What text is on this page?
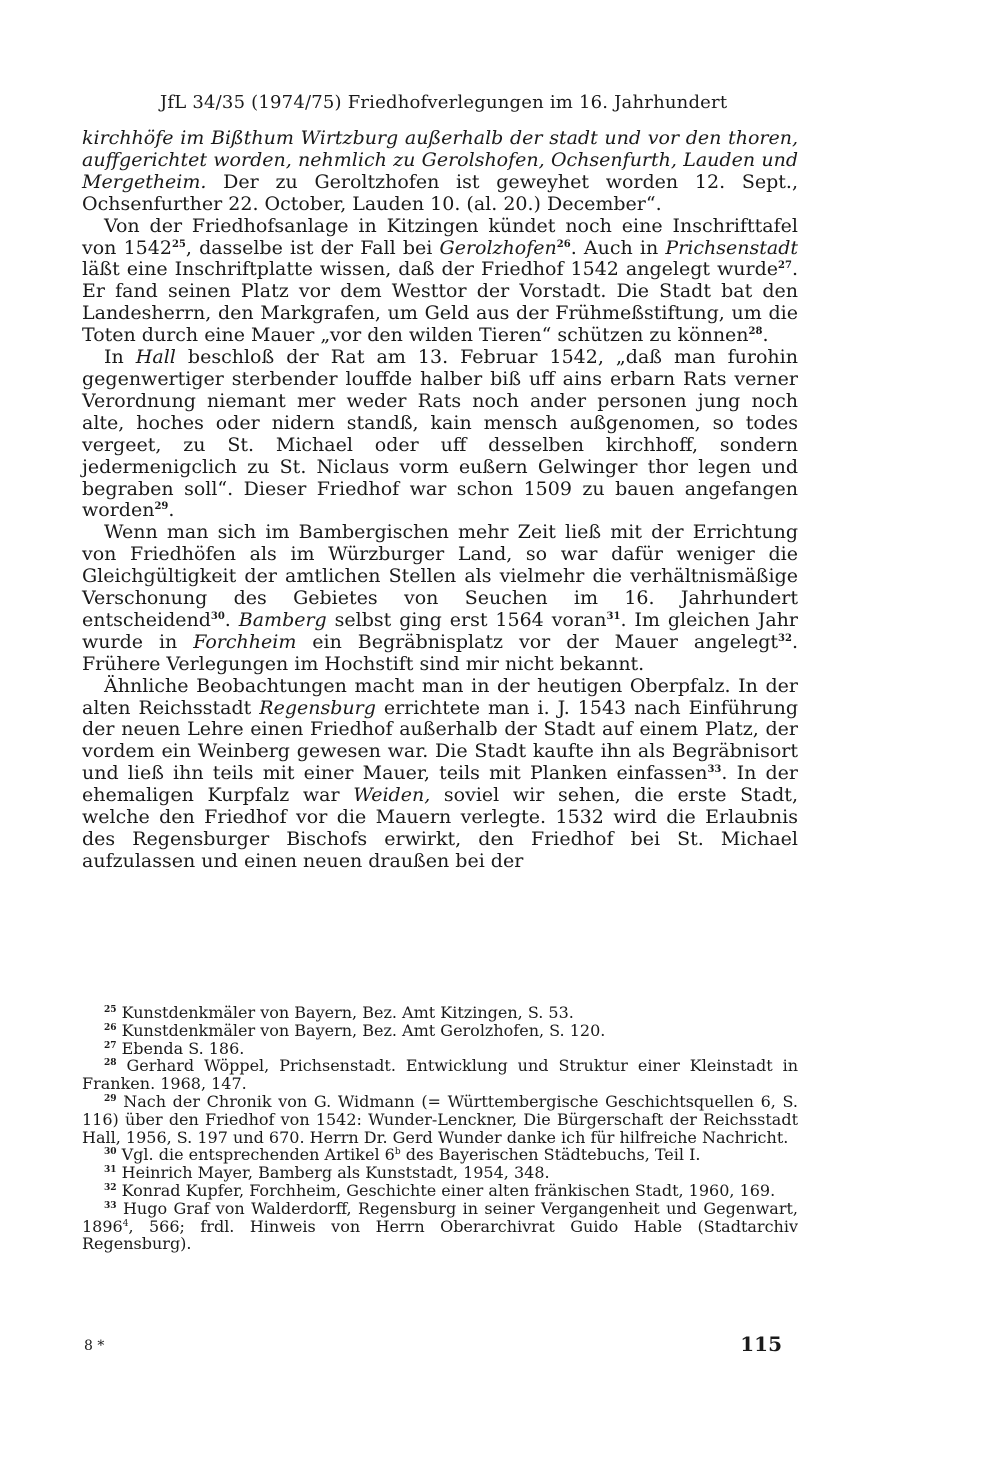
JfL 34/35 (1974/75) Friedhofverlegungen im 16. Jahrhundert

kirchhöfe im Bißthum Wirtzburg außerhalb der stadt und vor den thoren, auffgerichtet worden, nehmlich zu Gerolshofen, Ochsenfurth, Lauden und Mergetheim. Der zu Geroltzhofen ist geweyhet worden 12. Sept., Ochsenfurther 22. October, Lauden 10. (al. 20.) December“.

Von der Friedhofsanlage in Kitzingen kündet noch eine Inschrifttafel von 1542$^{25}$, dasselbe ist der Fall bei Gerolzhofen$^{26}$. Auch in Prichsenstadt läßt eine Inschriftplatte wissen, daß der Friedhof 1542 angelegt wurde$^{27}$. Er fand seinen Platz vor dem Westtor der Vorstadt. Die Stadt bat den Landesherrn, den Markgrafen, um Geld aus der Frühmeßstiftung, um die Toten durch eine Mauer „vor den wilden Tieren“ schützen zu können$^{28}$.

In Hall beschloß der Rat am 13. Februar 1542, „daß man furohin gegenwertiger sterbender louffde halber biß uff ains erbarn Rats verner Verordnung niemant mer weder Rats noch ander personen jung noch alte, hoches oder nidern standß, kain mensch außgenomen, so todes vergeet, zu St. Michael oder uff desselben kirchhoff, sondern jedermenigclich zu St. Niclaus vorm eußern Gelwinger thor legen und begraben soll“. Dieser Friedhof war schon 1509 zu bauen angefangen worden$^{29}$.

Wenn man sich im Bambergischen mehr Zeit ließ mit der Errichtung von Friedhöfen als im Würzburger Land, so war dafür weniger die Gleichgültigkeit der amtlichen Stellen als vielmehr die verhältnismäßige Verschonung des Gebietes von Seuchen im 16. Jahrhundert entscheidend$^{30}$. Bamberg selbst ging erst 1564 voran$^{31}$. Im gleichen Jahr wurde in Forchheim ein Begräbnisplatz vor der Mauer angelegt$^{32}$. Frühere Verlegungen im Hochstift sind mir nicht bekannt.

Ähnliche Beobachtungen macht man in der heutigen Oberpfalz. In der alten Reichsstadt Regensburg errichtete man i. J. 1543 nach Einführung der neuen Lehre einen Friedhof außerhalb der Stadt auf einem Platz, der vordem ein Weinberg gewesen war. Die Stadt kaufte ihn als Begräbnisort und ließ ihn teils mit einer Mauer, teils mit Planken einfassen$^{33}$. In der ehemaligen Kurpfalz war Weiden, soviel wir sehen, die erste Stadt, welche den Friedhof vor die Mauern verlegte. 1532 wird die Erlaubnis des Regensburger Bischofs erwirkt, den Friedhof bei St. Michael aufzulassen und einen neuen draußen bei der

$^{25}$ Kunstdenkmäler von Bayern, Bez. Amt Kitzingen, S. 53.
$^{26}$ Kunstdenkmäler von Bayern, Bez. Amt Gerolzhofen, S. 120.
$^{27}$ Ebenda S. 186.
$^{28}$ Gerhard Wöppel, Prichsenstadt. Entwicklung und Struktur einer Kleinstadt in Franken. 1968, 147.
$^{29}$ Nach der Chronik von G. Widmann (= Württembergische Geschichtsquellen 6, S. 116) über den Friedhof von 1542: Wunder-Lenckner, Die Bürgerschaft der Reichsstadt Hall, 1956, S. 197 und 670. Herrn Dr. Gerd Wunder danke ich für hilfreiche Nachricht.
$^{30}$ Vgl. die entsprechenden Artikel 6$^b$ des Bayerischen Städtebuchs, Teil I.
$^{31}$ Heinrich Mayer, Bamberg als Kunststadt, 1954, 348.
$^{32}$ Konrad Kupfer, Forchheim, Geschichte einer alten fränkischen Stadt, 1960, 169.
$^{33}$ Hugo Graf von Walderdorff, Regensburg in seiner Vergangenheit und Gegenwart, 1896$^4$, 566; frdl. Hinweis von Herrn Oberarchivrat Guido Hable (Stadtarchiv Regensburg).
8 *	115
